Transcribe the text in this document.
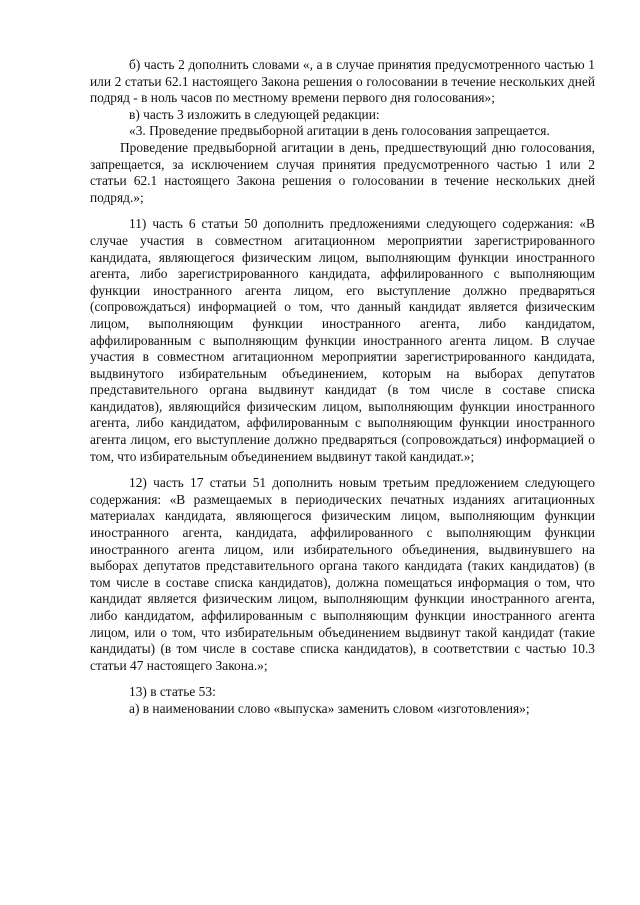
б) часть 2 дополнить словами «, а в случае принятия предусмотренного частью 1 или 2 статьи 62.1 настоящего Закона решения о голосовании в течение нескольких дней подряд - в ноль часов по местному времени первого дня голосования»;

в) часть 3 изложить в следующей редакции:

«3. Проведение предвыборной агитации в день голосования запрещается.

Проведение предвыборной агитации в день, предшествующий дню голосования, запрещается, за исключением случая принятия предусмотренного частью 1 или 2 статьи 62.1 настоящего Закона решения о голосовании в течение нескольких дней подряд.»;

11) часть 6 статьи 50 дополнить предложениями следующего содержания: «В случае участия в совместном агитационном мероприятии зарегистрированного кандидата, являющегося физическим лицом, выполняющим функции иностранного агента, либо зарегистрированного кандидата, аффилированного с выполняющим функции иностранного агента лицом, его выступление должно предваряться (сопровождаться) информацией о том, что данный кандидат является физическим лицом, выполняющим функции иностранного агента, либо кандидатом, аффилированным с выполняющим функции иностранного агента лицом. В случае участия в совместном агитационном мероприятии зарегистрированного кандидата, выдвинутого избирательным объединением, которым на выборах депутатов представительного органа выдвинут кандидат (в том числе в составе списка кандидатов), являющийся физическим лицом, выполняющим функции иностранного агента, либо кандидатом, аффилированным с выполняющим функции иностранного агента лицом, его выступление должно предваряться (сопровождаться) информацией о том, что избирательным объединением выдвинут такой кандидат.»;

12) часть 17 статьи 51 дополнить новым третьим предложением следующего содержания: «В размещаемых в периодических печатных изданиях агитационных материалах кандидата, являющегося физическим лицом, выполняющим функции иностранного агента, кандидата, аффилированного с выполняющим функции иностранного агента лицом, или избирательного объединения, выдвинувшего на выборах депутатов представительного органа такого кандидата (таких кандидатов) (в том числе в составе списка кандидатов), должна помещаться информация о том, что кандидат является физическим лицом, выполняющим функции иностранного агента, либо кандидатом, аффилированным с выполняющим функции иностранного агента лицом, или о том, что избирательным объединением выдвинут такой кандидат (такие кандидаты) (в том числе в составе списка кандидатов), в соответствии с частью 10.3 статьи 47 настоящего Закона.»;

13) в статье 53:

а) в наименовании слово «выпуска» заменить словом «изготовления»;
